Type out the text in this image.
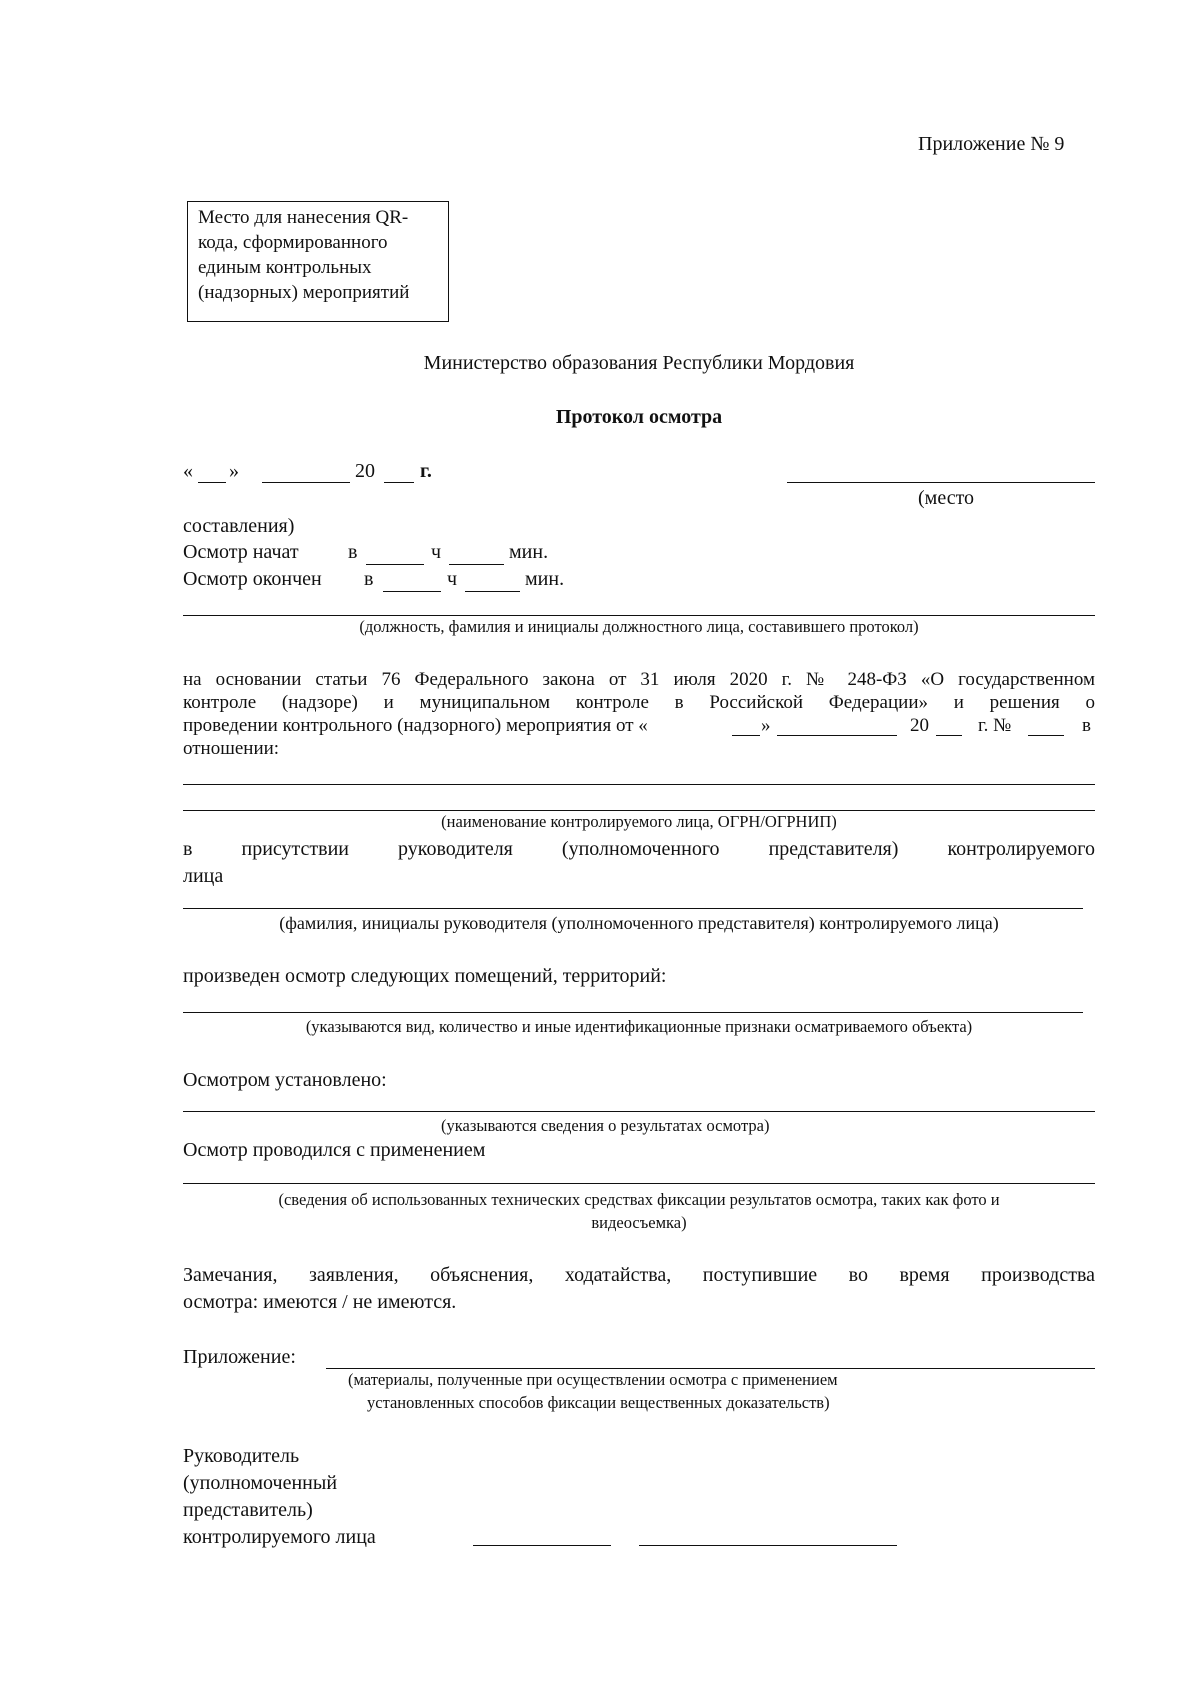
Приложение № 9
Место для нанесения QR-
кода, сформированного
единым контрольных
(надзорных) мероприятий
Министерство образования Республики Мордовия
Протокол осмотра
« »	20 г.
(место
составления)
Осмотр начат в	ч	мин.
Осмотр окончен в	ч	мин.
(должность, фамилия и инициалы должностного лица, составившего протокол)
на основании статьи 76 Федерального закона от 31 июля 2020 г. № 248-ФЗ «О государственном
контроле (надзоре) и муниципальном контроле в Российской Федерации» и решения о
проведении контрольного (надзорного) мероприятия от «	»	20	г. №	в
отношении:
(наименование контролируемого лица, ОГРН/ОГРНИП)
в присутствии руководителя (уполномоченного представителя) контролируемого
лица
(фамилия, инициалы руководителя (уполномоченного представителя) контролируемого лица)
произведен осмотр следующих помещений, территорий:
(указываются вид, количество и иные идентификационные признаки осматриваемого объекта)
Осмотром установлено:
(указываются сведения о результатах осмотра)
Осмотр проводился с применением
(сведения об использованных технических средствах фиксации результатов осмотра, таких как фото и
видеосъемка)
Замечания, заявления, объяснения, ходатайства, поступившие во время производства
осмотра: имеются / не имеются.
Приложение:
(материалы, полученные при осуществлении осмотра с применением
установленных способов фиксации вещественных доказательств)
Руководитель
(уполномоченный
представитель)
контролируемого лица
